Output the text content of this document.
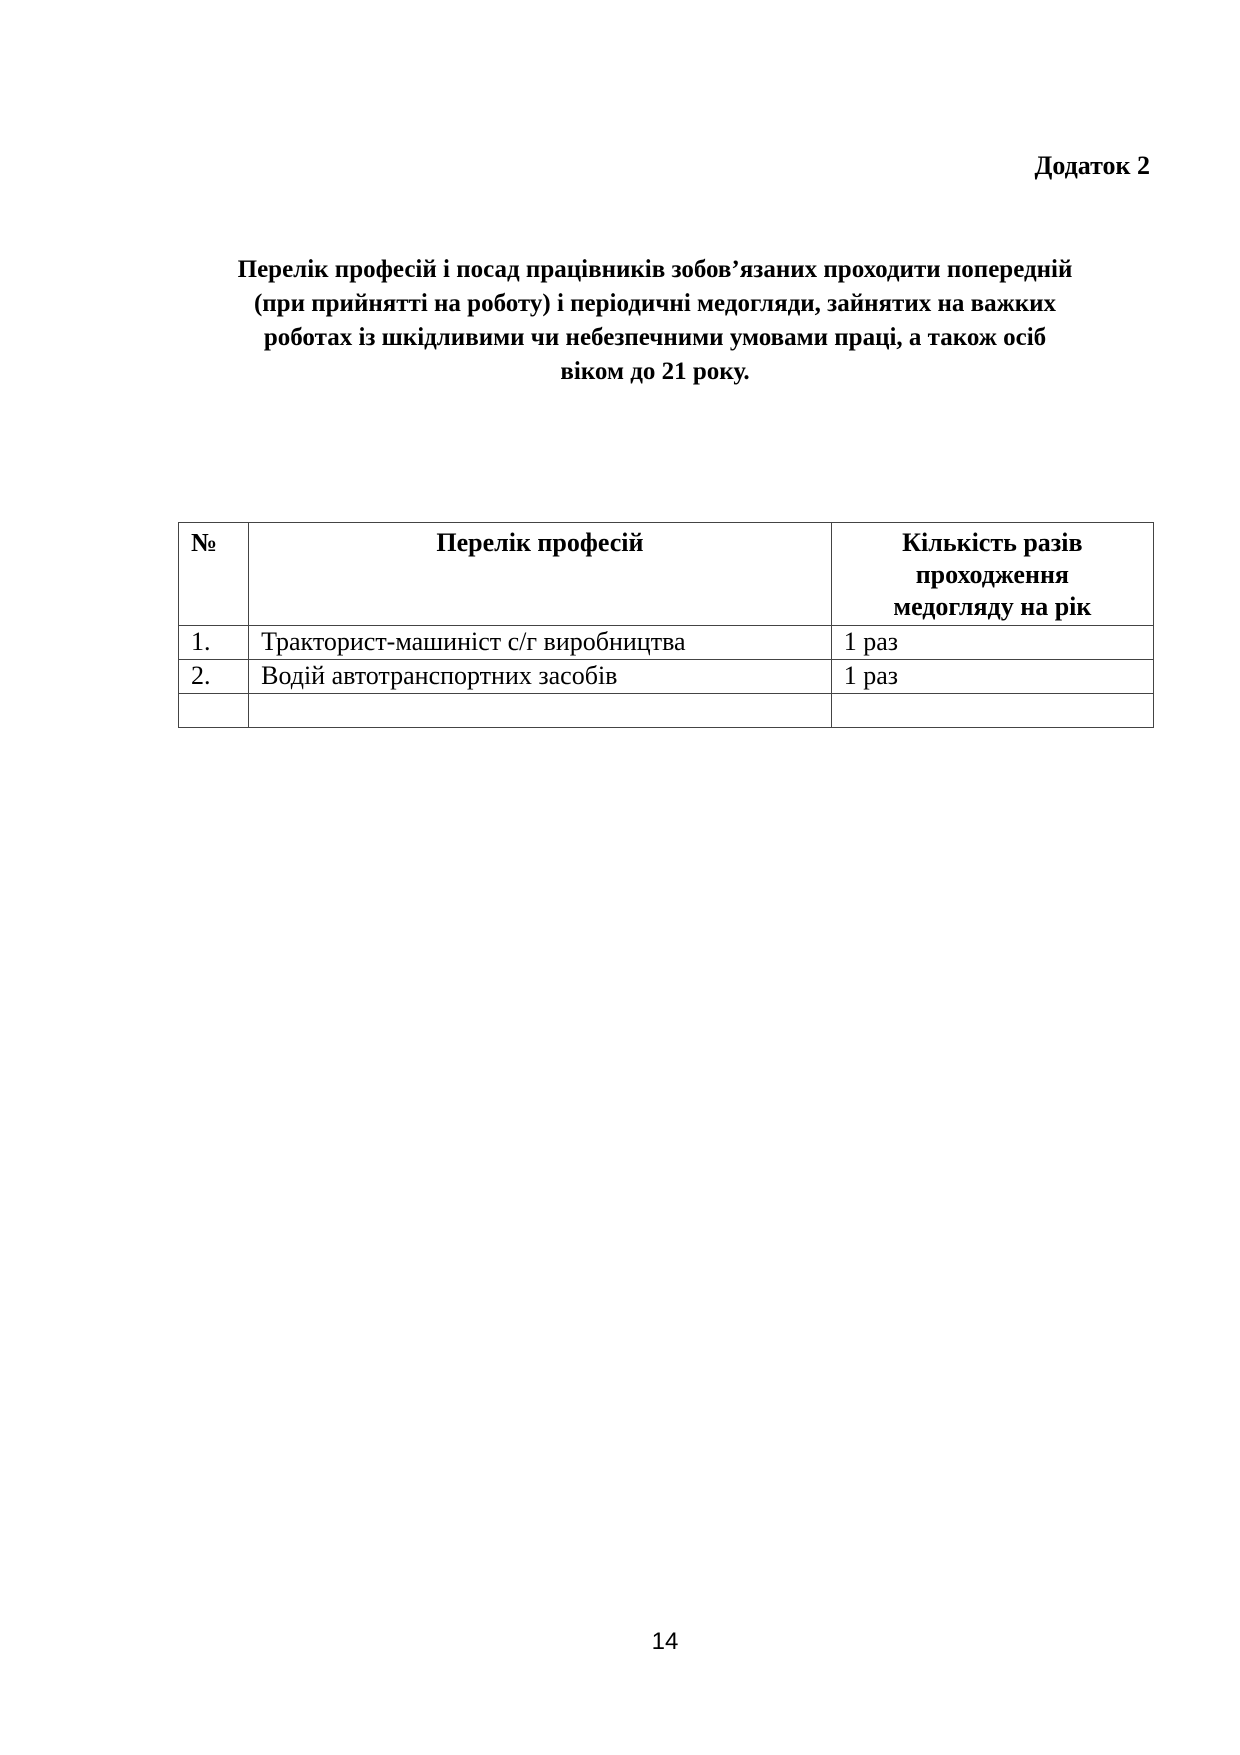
Додаток 2
Перелік професій і посад працівників зобов’язаних проходити попередній
(при прийнятті на роботу) і періодичні медогляди, зайнятих на важких
роботах із шкідливими чи небезпечними умовами праці, а також осіб
віком до 21 року.
№	Перелік професій	Кількість разів
проходження
медогляду на рік

1.	Тракторист-машиніст с/г виробництва	1 раз
2.	Водій автотранспортних засобів	1 раз

14
